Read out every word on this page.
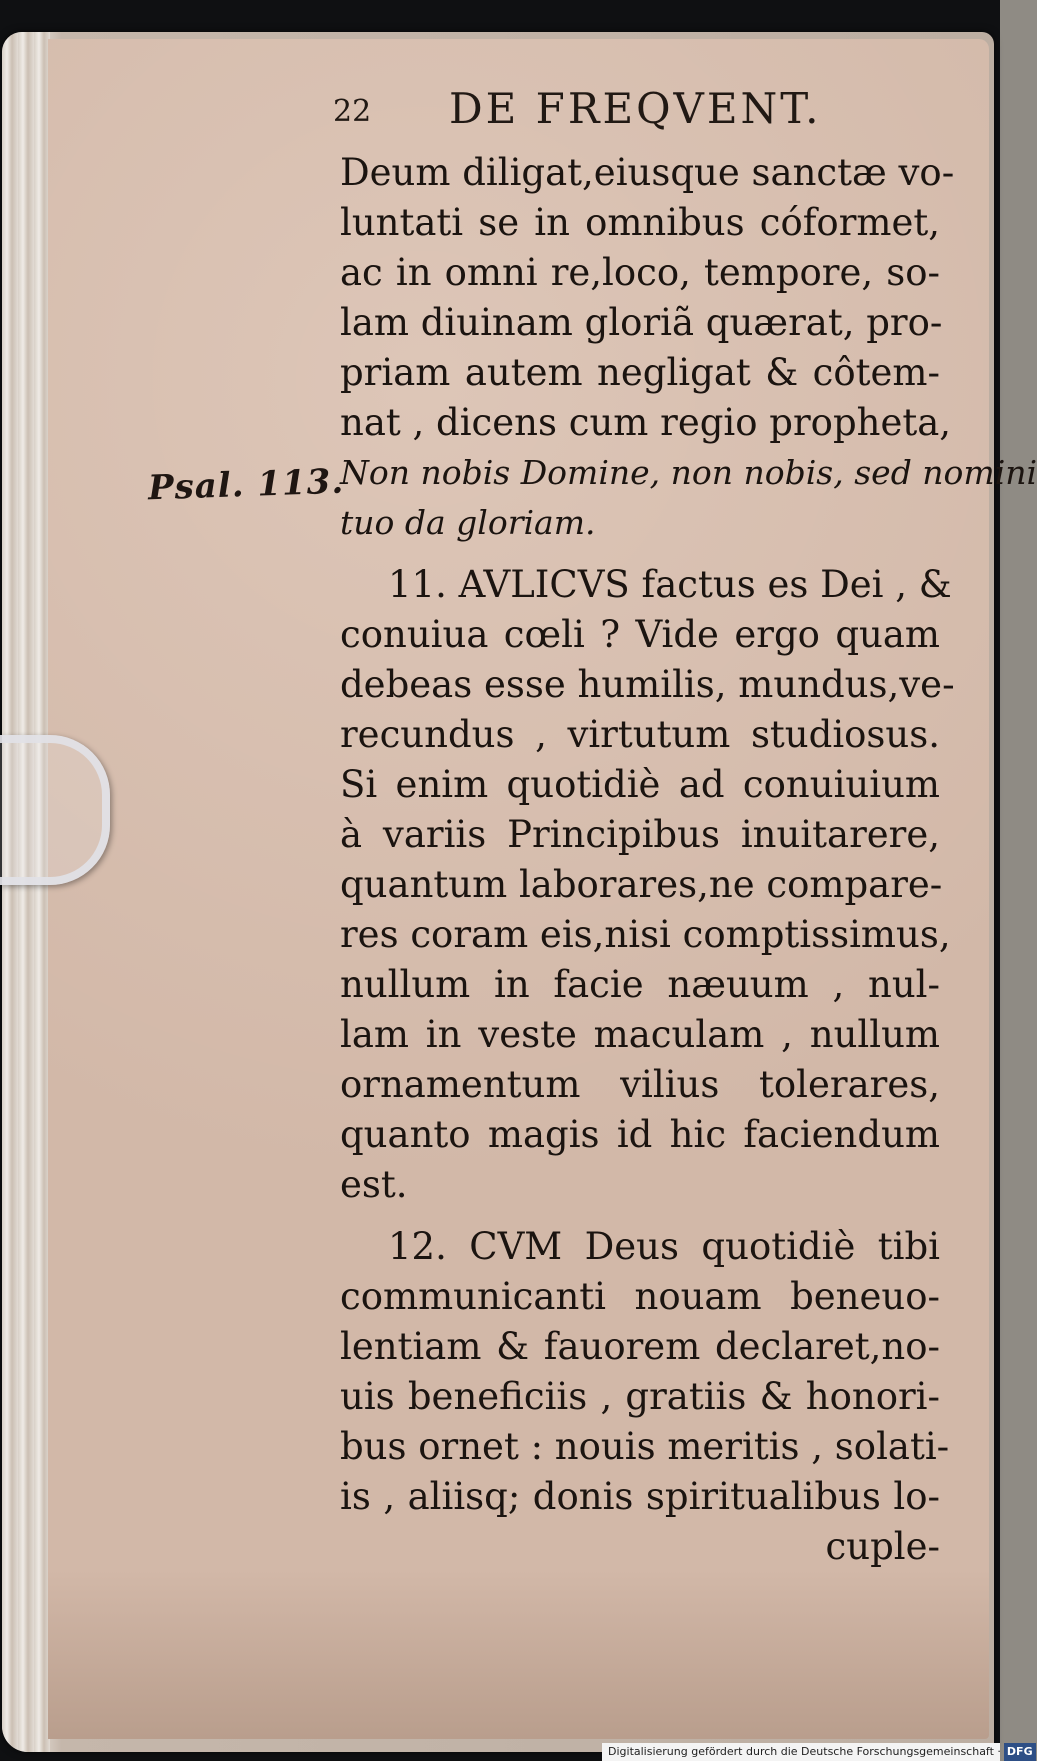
22 DE FREQVENT.
Psal. 113.
Deum diligat,eiusque sanctæ vo-
luntati se in omnibus cóformet,
ac in omni re,loco, tempore, so-
lam diuinam gloriã quærat, pro-
priam autem negligat & côtem-
nat , dicens cum regio propheta,
Non nobis Domine, non nobis, sed nomini
tuo da gloriam.
11. AVLICVS factus es Dei , &
conuiua cœli ? Vide ergo quam
debeas esse humilis, mundus,ve-
recundus , virtutum studiosus.
Si enim quotidiè ad conuiuium
à variis Principibus inuitarere,
quantum laborares,ne compare-
res coram eis,nisi comptissimus,
nullum in facie næuum , nul-
lam in veste maculam , nullum
ornamentum vilius tolerares,
quanto magis id hic faciendum
est.
12. CVM Deus quotidiè tibi
communicanti nouam beneuo-
lentiam & fauorem declaret,no-
uis beneficiis , gratiis & honori-
bus ornet : nouis meritis , solati-
is , aliisq; donis spiritualibus lo-
cuple-
Digitalisierung gefördert durch die Deutsche Forschungsgemeinschaft · DFG
